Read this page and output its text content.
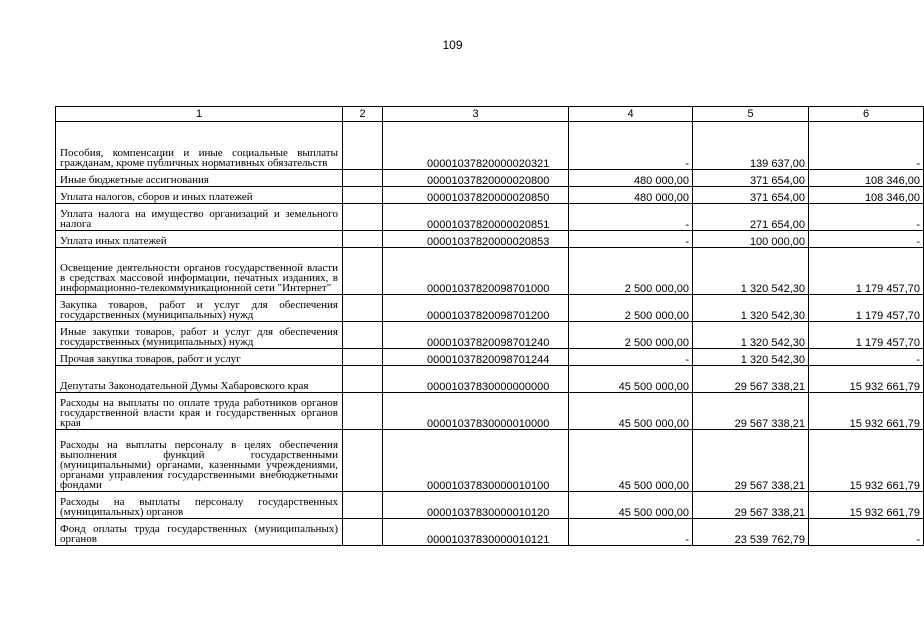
109
1	2	3	4	5	6
Пособия, компенсации и иные социальные выплаты гражданам, кроме публичных нормативных обязательств		00001037820000020321	-	139 637,00	-
Иные бюджетные ассигнования		00001037820000020800	480 000,00	371 654,00	108 346,00
Уплата налогов, сборов и иных платежей		00001037820000020850	480 000,00	371 654,00	108 346,00
Уплата налога на имущество организаций и земельного налога		00001037820000020851	-	271 654,00	-
Уплата иных платежей		00001037820000020853	-	100 000,00	-
Освещение деятельности органов государственной власти в средствах массовой информации, печатных изданиях, в информационно-телекоммуникационной сети "Интернет"		00001037820098701000	2 500 000,00	1 320 542,30	1 179 457,70
Закупка товаров, работ и услуг для обеспечения государственных (муниципальных) нужд		00001037820098701200	2 500 000,00	1 320 542,30	1 179 457,70
Иные закупки товаров, работ и услуг для обеспечения государственных (муниципальных) нужд		00001037820098701240	2 500 000,00	1 320 542,30	1 179 457,70
Прочая закупка товаров, работ и услуг		00001037820098701244	-	1 320 542,30	-
Депутаты Законодательной Думы Хабаровского края		00001037830000000000	45 500 000,00	29 567 338,21	15 932 661,79
Расходы на выплаты по оплате труда работников органов государственной власти края и государственных органов края		00001037830000010000	45 500 000,00	29 567 338,21	15 932 661,79
Расходы на выплаты персоналу в целях обеспечения выполнения функций государственными (муниципальными) органами, казенными учреждениями, органами управления государственными внебюджетными фондами		00001037830000010100	45 500 000,00	29 567 338,21	15 932 661,79
Расходы на выплаты персоналу государственных (муниципальных) органов		00001037830000010120	45 500 000,00	29 567 338,21	15 932 661,79
Фонд оплаты труда государственных (муниципальных) органов		00001037830000010121	-	23 539 762,79	-
